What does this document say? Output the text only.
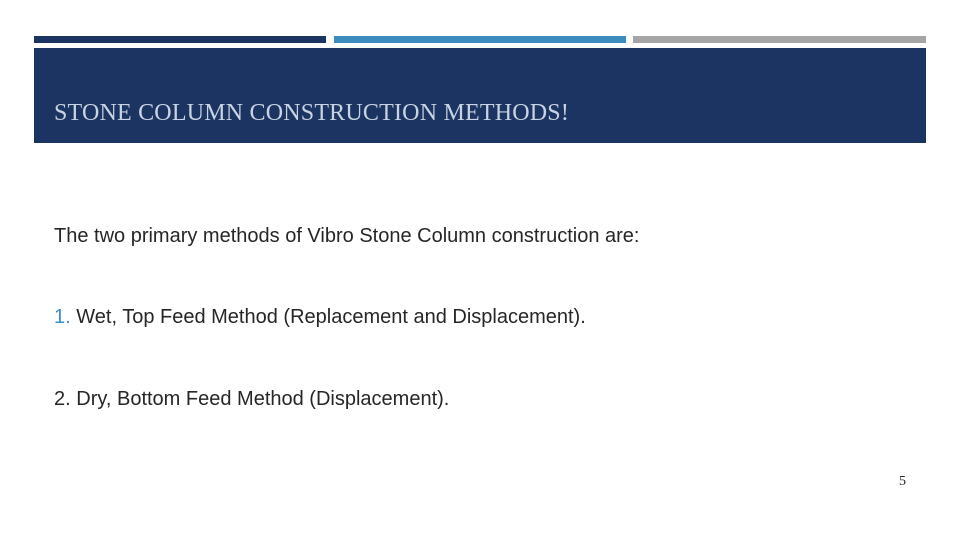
STONE COLUMN CONSTRUCTION METHODS!

The two primary methods of Vibro Stone Column construction are:

1. Wet, Top Feed Method (Replacement and Displacement).

2. Dry, Bottom Feed Method (Displacement).

5
